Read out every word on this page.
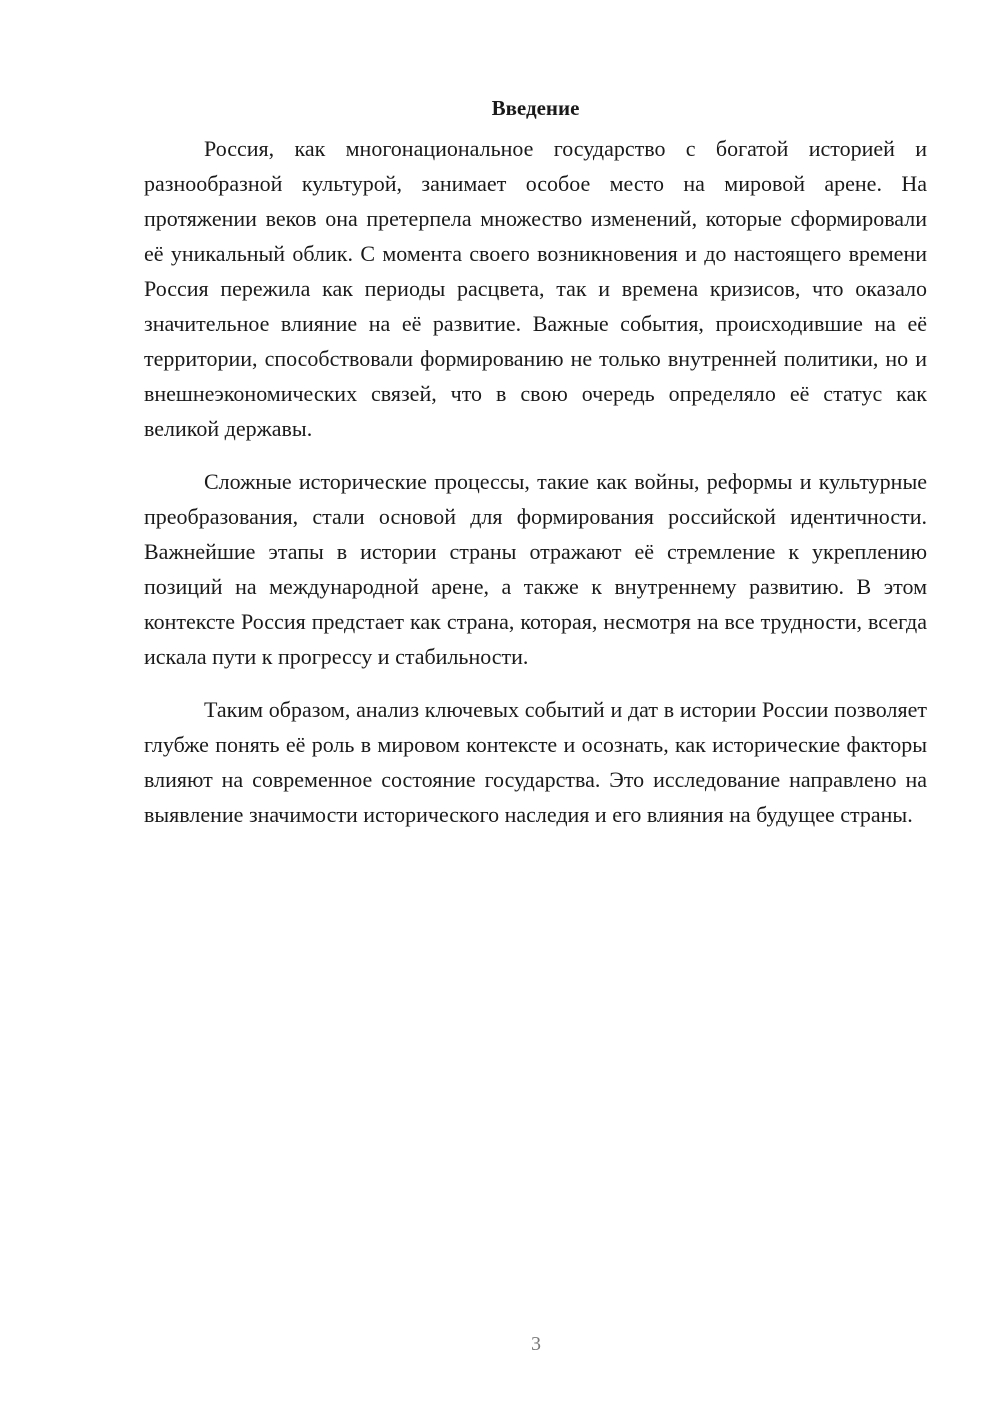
Введение

Россия, как многонациональное государство с богатой историей и разнообразной культурой, занимает особое место на мировой арене. На протяжении веков она претерпела множество изменений, которые сформировали её уникальный облик. С момента своего возникновения и до настоящего времени Россия пережила как периоды расцвета, так и времена кризисов, что оказало значительное влияние на её развитие. Важные события, происходившие на её территории, способствовали формированию не только внутренней политики, но и внешнеэкономических связей, что в свою очередь определяло её статус как великой державы.

Сложные исторические процессы, такие как войны, реформы и культурные преобразования, стали основой для формирования российской идентичности. Важнейшие этапы в истории страны отражают её стремление к укреплению позиций на международной арене, а также к внутреннему развитию. В этом контексте Россия предстает как страна, которая, несмотря на все трудности, всегда искала пути к прогрессу и стабильности.

Таким образом, анализ ключевых событий и дат в истории России позволяет глубже понять её роль в мировом контексте и осознать, как исторические факторы влияют на современное состояние государства. Это исследование направлено на выявление значимости исторического наследия и его влияния на будущее страны.

3
